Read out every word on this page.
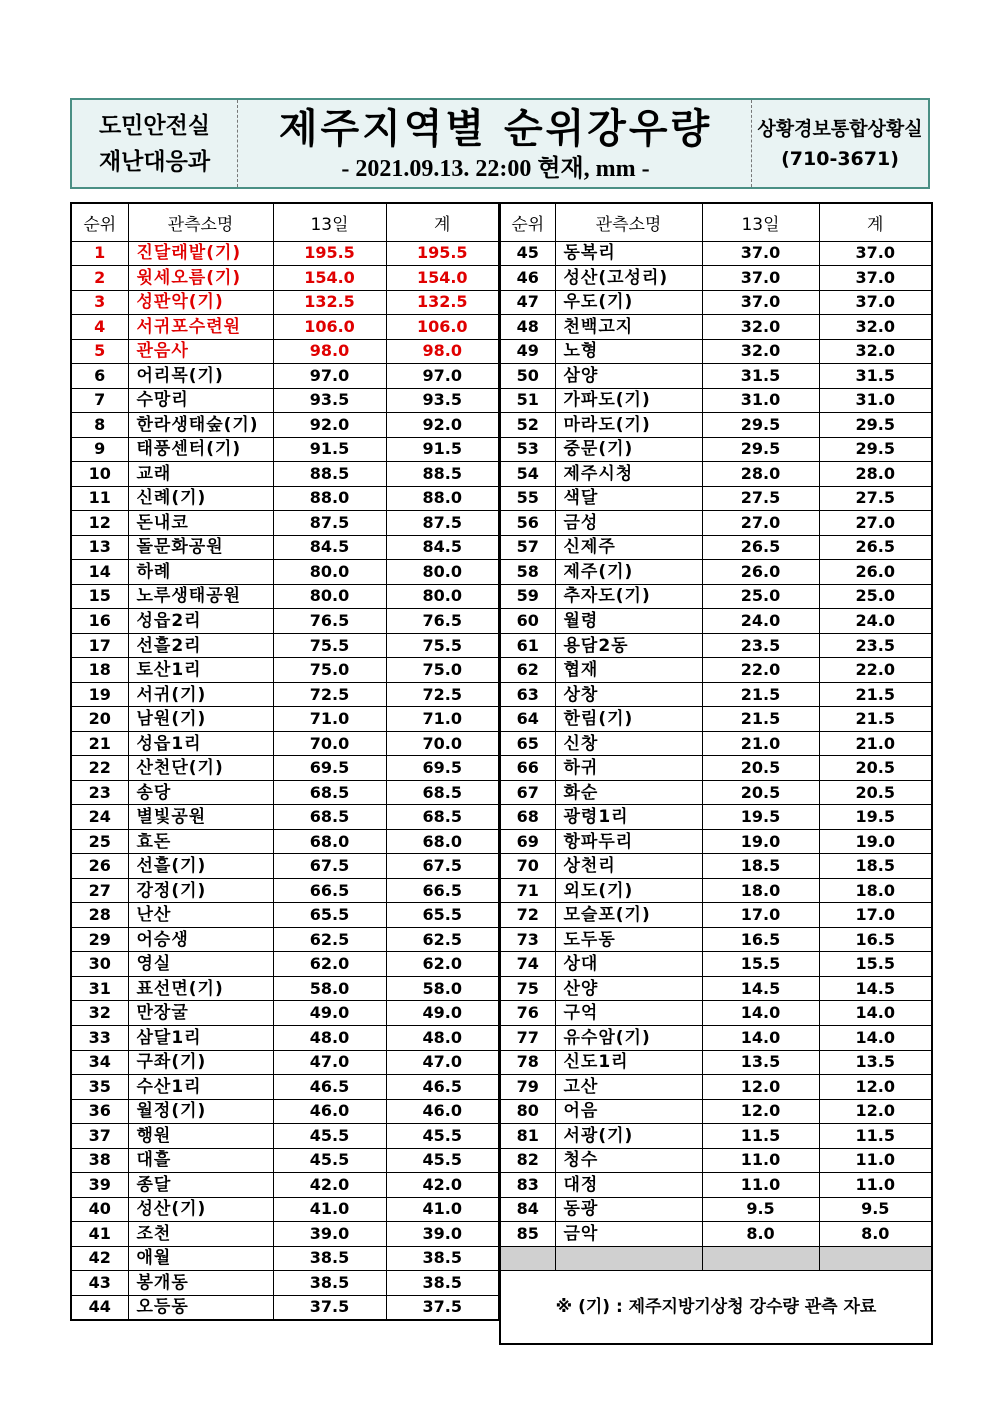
도민안전실
재난대응과
제주지역별 순위강우량
- 2021.09.13. 22:00 현재, mm -
상황경보통합상황실
(710-3671)
순위	관측소명	13일	계
1	진달래밭(기)	195.5	195.5
2	윗세오름(기)	154.0	154.0
3	성판악(기)	132.5	132.5
4	서귀포수련원	106.0	106.0
5	관음사	98.0	98.0
6	어리목(기)	97.0	97.0
7	수망리	93.5	93.5
8	한라생태숲(기)	92.0	92.0
9	태풍센터(기)	91.5	91.5
10	교래	88.5	88.5
11	신례(기)	88.0	88.0
12	돈내코	87.5	87.5
13	돌문화공원	84.5	84.5
14	하례	80.0	80.0
15	노루생태공원	80.0	80.0
16	성읍2리	76.5	76.5
17	선흘2리	75.5	75.5
18	토산1리	75.0	75.0
19	서귀(기)	72.5	72.5
20	남원(기)	71.0	71.0
21	성읍1리	70.0	70.0
22	산천단(기)	69.5	69.5
23	송당	68.5	68.5
24	별빛공원	68.5	68.5
25	효돈	68.0	68.0
26	선흘(기)	67.5	67.5
27	강정(기)	66.5	66.5
28	난산	65.5	65.5
29	어승생	62.5	62.5
30	영실	62.0	62.0
31	표선면(기)	58.0	58.0
32	만장굴	49.0	49.0
33	삼달1리	48.0	48.0
34	구좌(기)	47.0	47.0
35	수산1리	46.5	46.5
36	월정(기)	46.0	46.0
37	행원	45.5	45.5
38	대흘	45.5	45.5
39	종달	42.0	42.0
40	성산(기)	41.0	41.0
41	조천	39.0	39.0
42	애월	38.5	38.5
43	봉개동	38.5	38.5
44	오등동	37.5	37.5
순위	관측소명	13일	계
45	동복리	37.0	37.0
46	성산(고성리)	37.0	37.0
47	우도(기)	37.0	37.0
48	천백고지	32.0	32.0
49	노형	32.0	32.0
50	삼양	31.5	31.5
51	가파도(기)	31.0	31.0
52	마라도(기)	29.5	29.5
53	중문(기)	29.5	29.5
54	제주시청	28.0	28.0
55	색달	27.5	27.5
56	금성	27.0	27.0
57	신제주	26.5	26.5
58	제주(기)	26.0	26.0
59	추자도(기)	25.0	25.0
60	월령	24.0	24.0
61	용담2동	23.5	23.5
62	협재	22.0	22.0
63	상창	21.5	21.5
64	한림(기)	21.5	21.5
65	신창	21.0	21.0
66	하귀	20.5	20.5
67	화순	20.5	20.5
68	광령1리	19.5	19.5
69	항파두리	19.0	19.0
70	상천리	18.5	18.5
71	외도(기)	18.0	18.0
72	모슬포(기)	17.0	17.0
73	도두동	16.5	16.5
74	상대	15.5	15.5
75	산양	14.5	14.5
76	구억	14.0	14.0
77	유수암(기)	14.0	14.0
78	신도1리	13.5	13.5
79	고산	12.0	12.0
80	어음	12.0	12.0
81	서광(기)	11.5	11.5
82	청수	11.0	11.0
83	대정	11.0	11.0
84	동광	9.5	9.5
85	금악	8.0	8.0

※ (기) : 제주지방기상청 강수량 관측 자료			
